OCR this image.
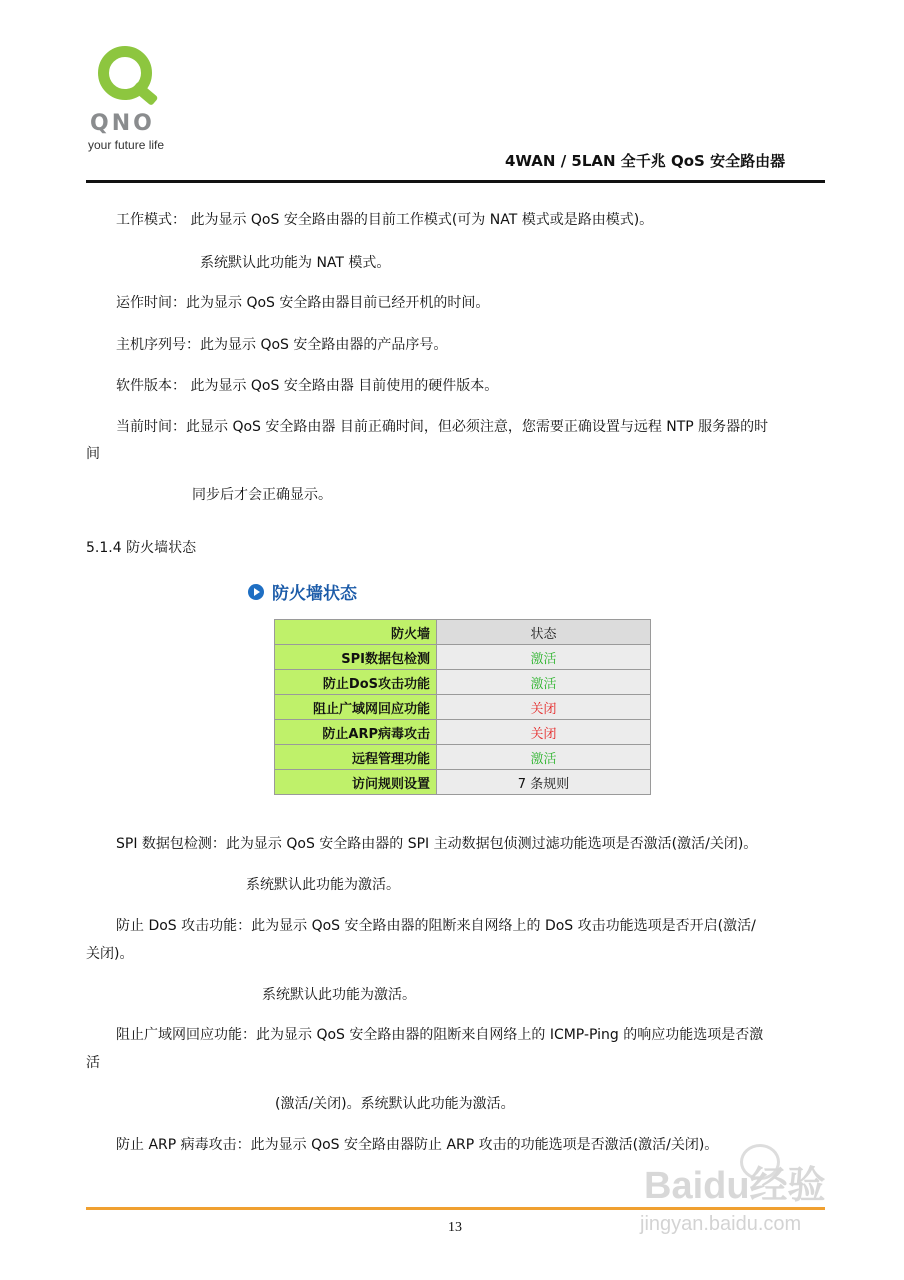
QNO
your future life
4WAN / 5LAN 全千兆 QoS 安全路由器
工作模式： 此为显示 QoS 安全路由器的目前工作模式(可为 NAT 模式或是路由模式)。
系统默认此功能为 NAT 模式。
运作时间：此为显示 QoS 安全路由器目前已经开机的时间。
主机序列号：此为显示 QoS 安全路由器的产品序号。
软件版本： 此为显示 QoS 安全路由器 目前使用的硬件版本。
当前时间：此显示 QoS 安全路由器 目前正确时间，但必须注意，您需要正确设置与远程 NTP 服务器的时
间
同步后才会正确显示。
5.1.4 防火墙状态
防火墙状态
防火墙	状态
SPI数据包检测	激活
防止DoS攻击功能	激活
阻止广域网回应功能	关闭
防止ARP病毒攻击	关闭
远程管理功能	激活
访问规则设置	7 条规则
SPI 数据包检测：此为显示 QoS 安全路由器的 SPI 主动数据包侦测过滤功能选项是否激活(激活/关闭)。
系统默认此功能为激活。
防止 DoS 攻击功能：此为显示 QoS 安全路由器的阻断来自网络上的 DoS 攻击功能选项是否开启(激活/
关闭)。
系统默认此功能为激活。
阻止广域网回应功能：此为显示 QoS 安全路由器的阻断来自网络上的 ICMP-Ping 的响应功能选项是否激
活
(激活/关闭)。系统默认此功能为激活。
防止 ARP 病毒攻击：此为显示 QoS 安全路由器防止 ARP 攻击的功能选项是否激活(激活/关闭)。
13
Baidu经验
jingyan.baidu.com
